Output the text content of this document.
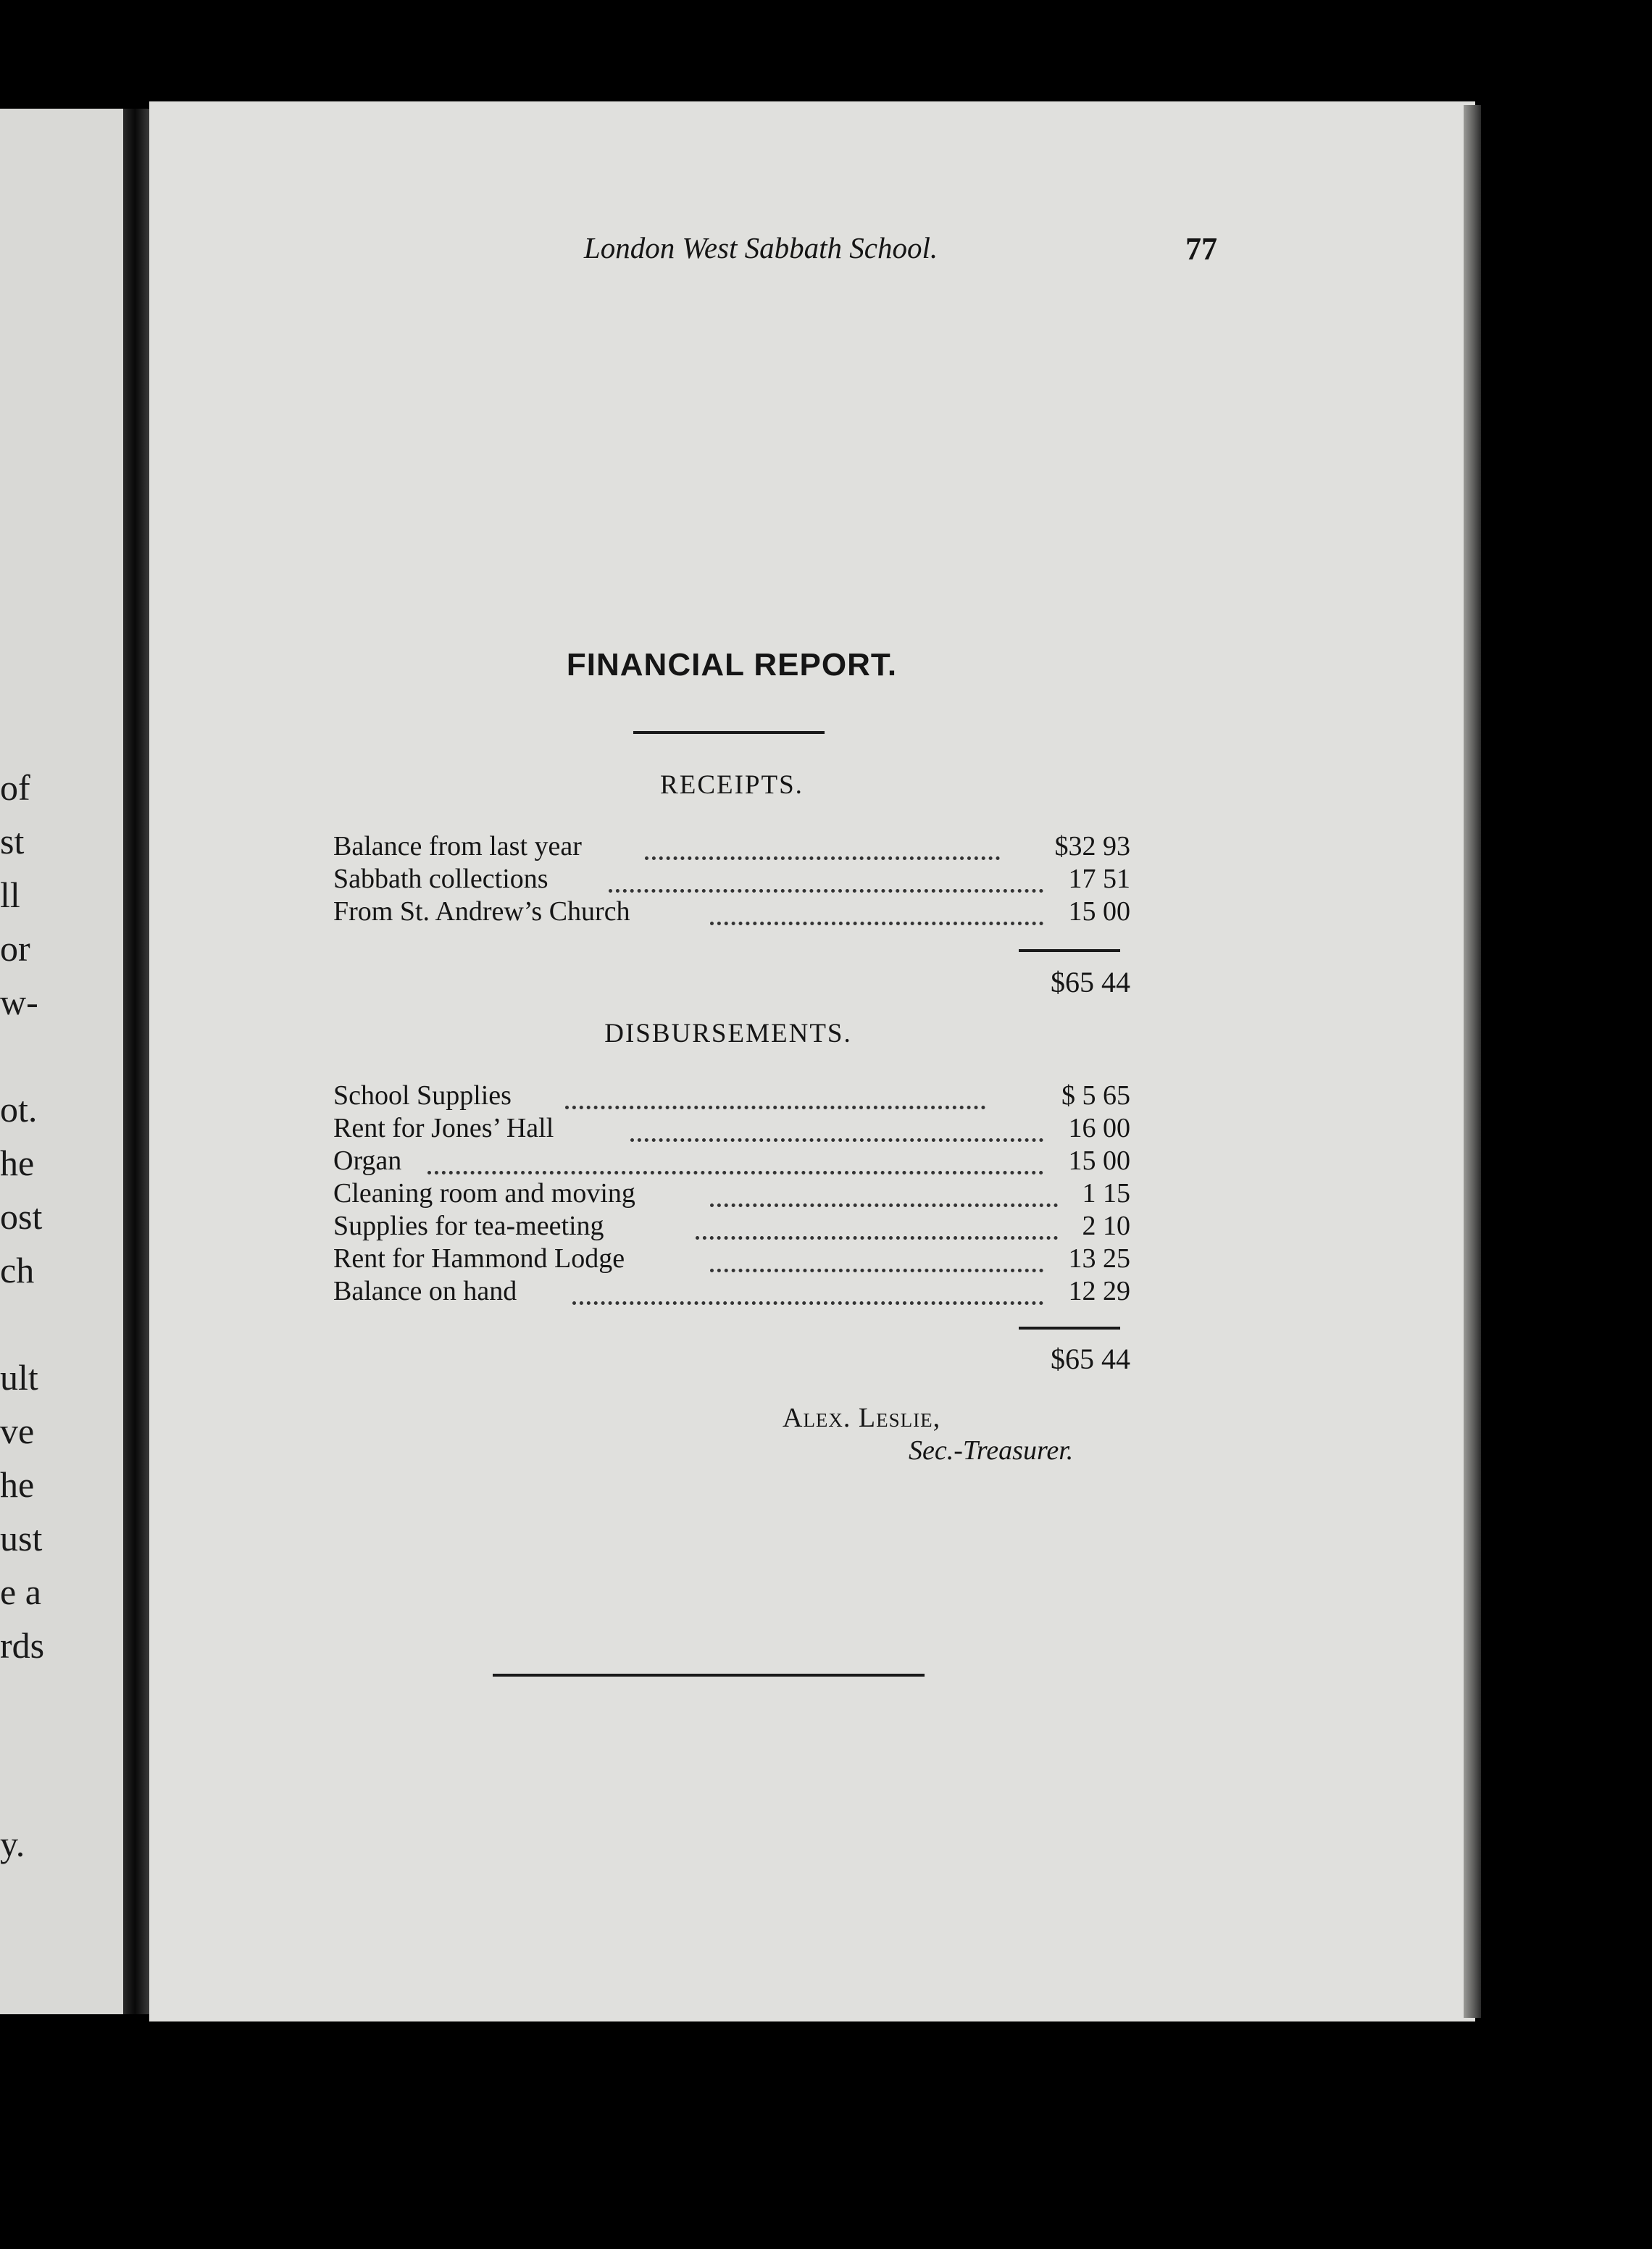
of
st
ll
or
w-
ot.
he
ost
ch
ult
ve
he
ust
e a
rds
y.
London West Sabbath School.	77
FINANCIAL REPORT.
RECEIPTS.
Balance from last year	$32 93
Sabbath collections	17 51
From St. Andrew’s Church	15 00
$65 44
DISBURSEMENTS.
School Supplies	$ 5 65
Rent for Jones’ Hall	16 00
Organ	15 00
Cleaning room and moving	1 15
Supplies for tea-meeting	2 10
Rent for Hammond Lodge	13 25
Balance on hand	12 29
$65 44
Alex. Leslie,
Sec.-Treasurer.
